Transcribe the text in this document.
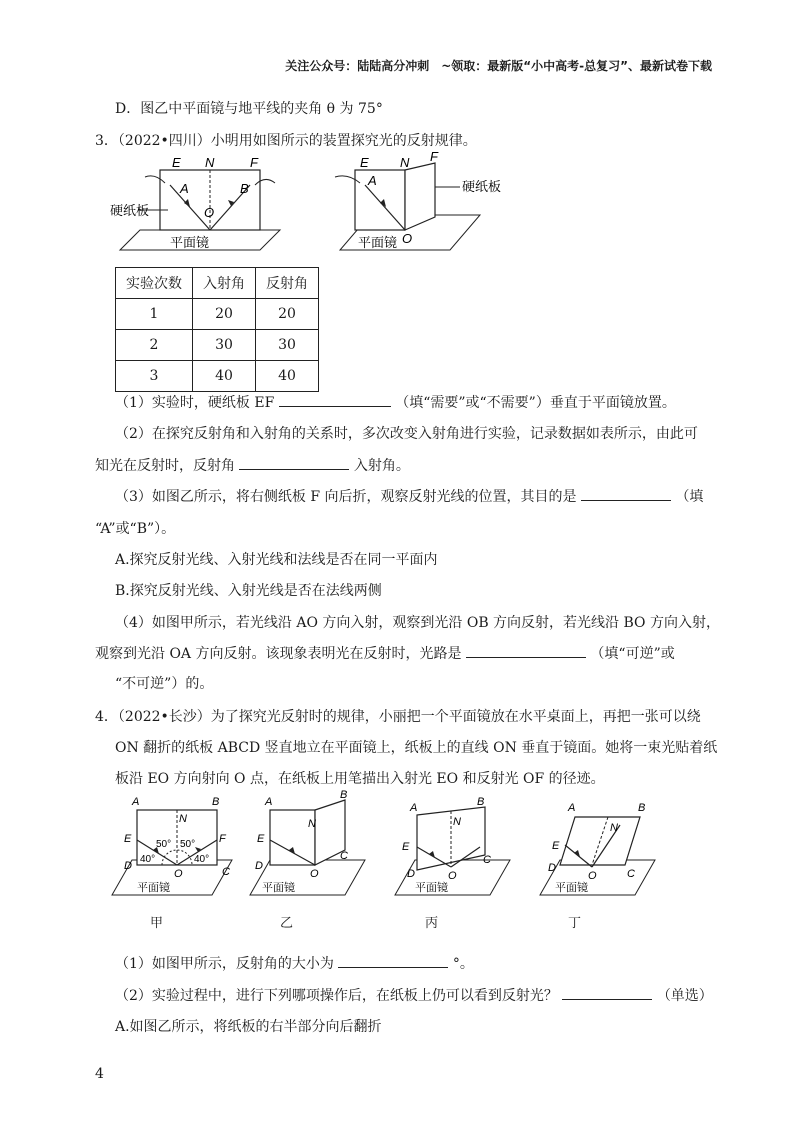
关注公众号：陆陆高分冲刺　~领取：最新版“小中高考-总复习”、最新试卷下载
D．图乙中平面镜与地平线的夹角 θ 为 75°
3．（2022•四川）小明用如图所示的装置探究光的反射规律。
E N	F
A	B
O
硬纸板
平面镜
E N F
A
O
硬纸板
平面镜
实验次数	入射角	反射角
1	20	20
2	30	30
3	40	40
（1）实验时，硬纸板 EF	（填“需要”或“不需要”）垂直于平面镜放置。
（2）在探究反射角和入射角的关系时，多次改变入射角进行实验，记录数据如表所示，由此可
知光在反射时，反射角	入射角。
（3）如图乙所示，将右侧纸板 F 向后折，观察反射光线的位置，其目的是	（填
“A”或“B”）。
A.探究反射光线、入射光线和法线是否在同一平面内
B.探究反射光线、入射光线是否在法线两侧
（4）如图甲所示，若光线沿 AO 方向入射，观察到光沿 OB 方向反射，若光线沿 BO 方向入射，
观察到光沿 OA 方向反射。该现象表明光在反射时，光路是	（填“可逆”或
“不可逆”）的。
4．（2022•长沙）为了探究光反射时的规律，小丽把一个平面镜放在水平桌面上，再把一张可以绕
ON 翻折的纸板 ABCD 竖直地立在平面镜上，纸板上的直线 ON 垂直于镜面。她将一束光贴着纸
板沿 EO 方向射向 O 点，在纸板上用笔描出入射光 EO 和反射光 OF 的径迹。
A	B
N
E	F
50° 50°
40°	40°
D	C
O
平面镜
A
B
N
E
D
C
O
平面镜
A	B
N
E
D
C
O
平面镜
A	B
N
E
D	C
O
平面镜
甲	乙	丙	丁
（1）如图甲所示，反射角的大小为	°。
（2）实验过程中，进行下列哪项操作后，在纸板上仍可以看到反射光？	（单选）
A.如图乙所示，将纸板的右半部分向后翻折
4
